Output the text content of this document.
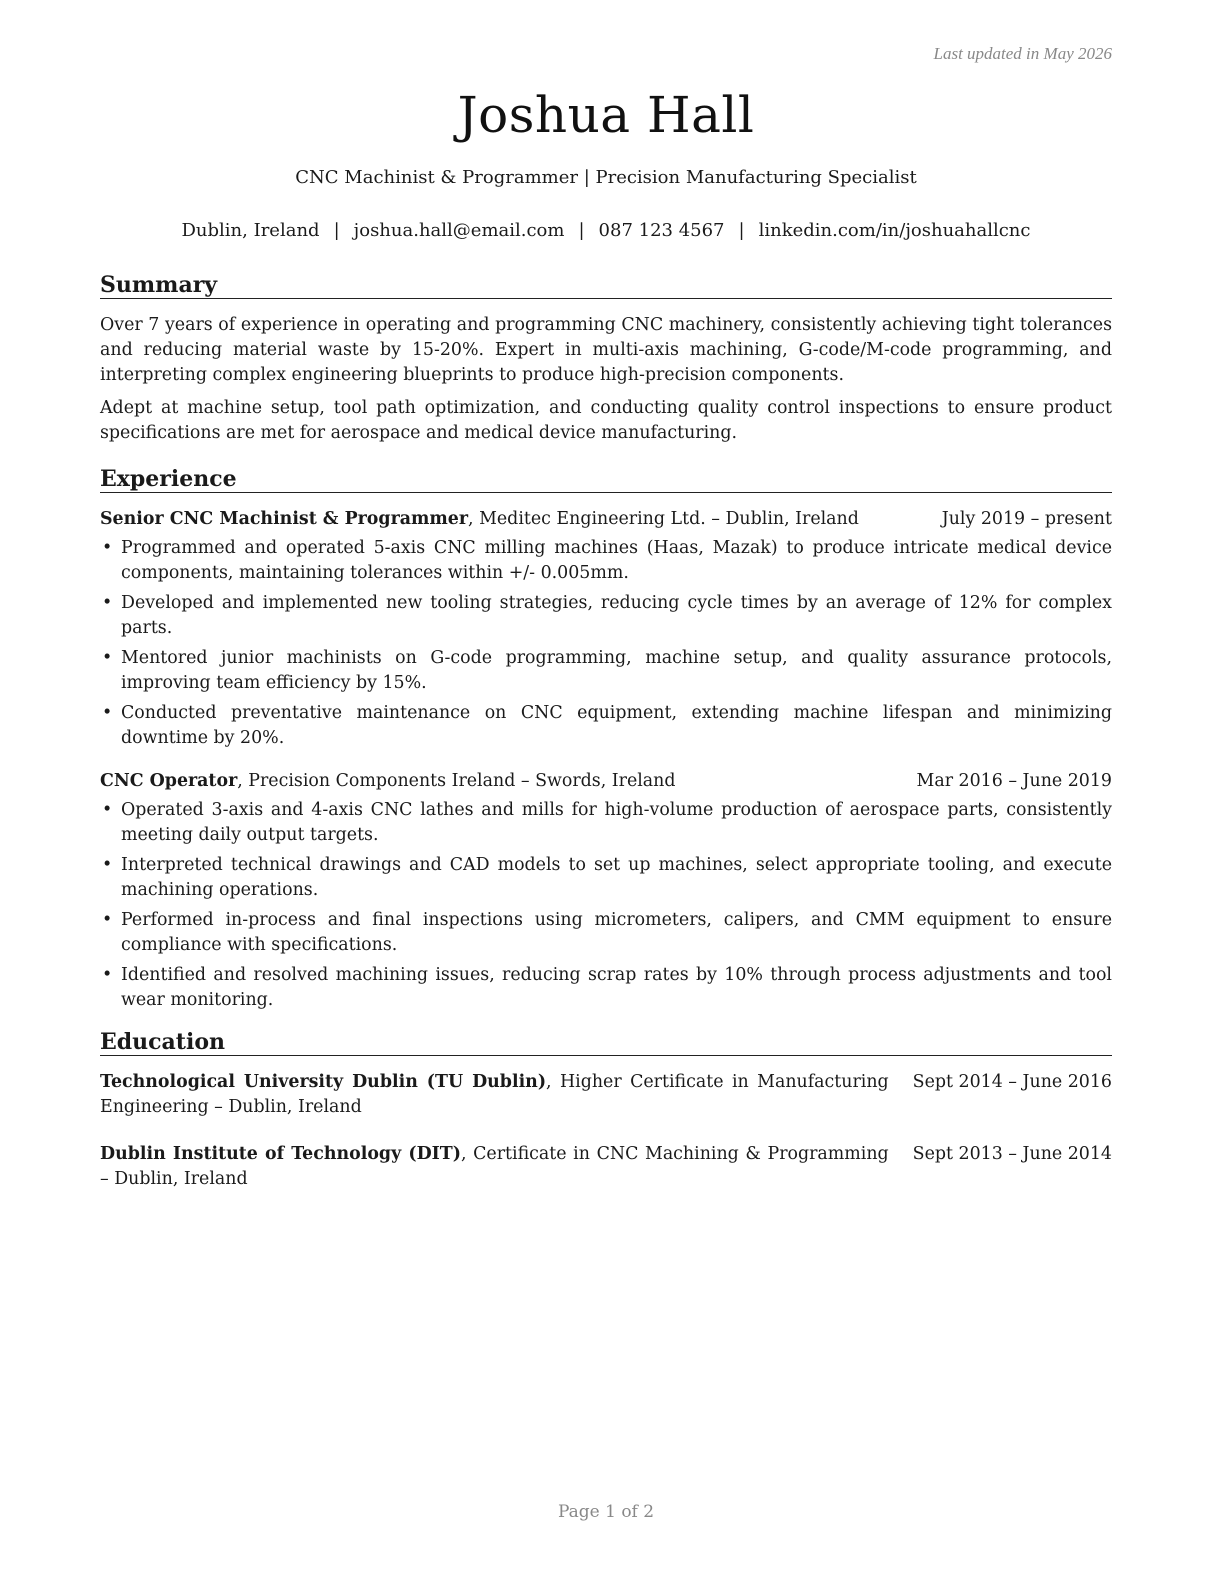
Last updated in May 2026
Joshua Hall
CNC Machinist & Programmer | Precision Manufacturing Specialist
Dublin, Ireland | joshua.hall@email.com | 087 123 4567 | linkedin.com/in/joshuahallcnc
Summary

Over 7 years of experience in operating and programming CNC machinery, consistently achieving tight tolerances and reducing material waste by 15-20%. Expert in multi-axis machining, G-code/M-code programming, and interpreting complex engineering blueprints to produce high-precision components.

Adept at machine setup, tool path optimization, and conducting quality control inspections to ensure product specifications are met for aerospace and medical device manufacturing.

Experience
Senior CNC Machinist & Programmer, Meditec Engineering Ltd. – Dublin, Ireland	July 2019 – present
• Programmed and operated 5-axis CNC milling machines (Haas, Mazak) to produce intricate medical device components, maintaining tolerances within +/- 0.005mm.
• Developed and implemented new tooling strategies, reducing cycle times by an average of 12% for complex parts.
• Mentored junior machinists on G-code programming, machine setup, and quality assurance protocols, improving team efficiency by 15%.
• Conducted preventative maintenance on CNC equipment, extending machine lifespan and minimizing downtime by 20%.
CNC Operator, Precision Components Ireland – Swords, Ireland	Mar 2016 – June 2019
• Operated 3-axis and 4-axis CNC lathes and mills for high-volume production of aerospace parts, consistently meeting daily output targets.
• Interpreted technical drawings and CAD models to set up machines, select appropriate tooling, and execute machining operations.
• Performed in-process and final inspections using micrometers, calipers, and CMM equipment to ensure compliance with specifications.
• Identified and resolved machining issues, reducing scrap rates by 10% through process adjustments and tool wear monitoring.
Education
Technological University Dublin (TU Dublin), Higher Certificate in Manufacturing Engineering – Dublin, Ireland
Sept 2014 – June 2016
Dublin Institute of Technology (DIT), Certificate in CNC Machining & Programming – Dublin, Ireland
Sept 2013 – June 2014
Page 1 of 2
